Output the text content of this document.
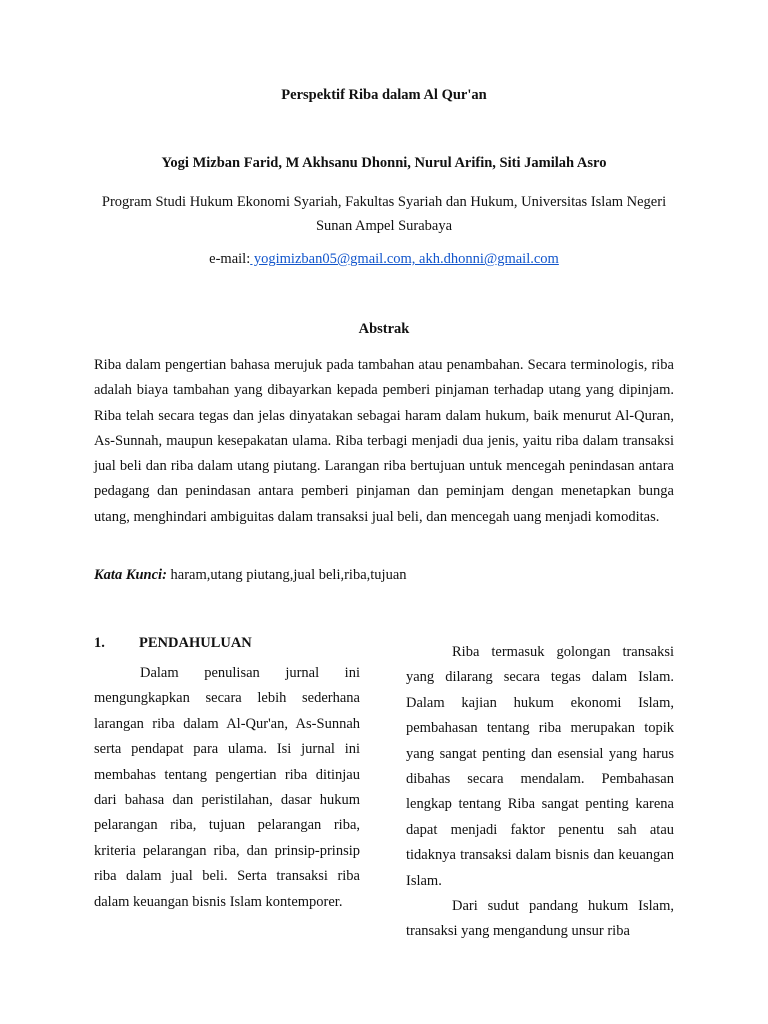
Perspektif Riba dalam Al Qur'an
Yogi Mizban Farid, M Akhsanu Dhonni, Nurul Arifin, Siti Jamilah Asro
Program Studi Hukum Ekonomi Syariah, Fakultas Syariah dan Hukum, Universitas Islam Negeri Sunan Ampel Surabaya
e-mail: yogimizban05@gmail.com, akh.dhonni@gmail.com
Abstrak

Riba dalam pengertian bahasa merujuk pada tambahan atau penambahan. Secara terminologis, riba adalah biaya tambahan yang dibayarkan kepada pemberi pinjaman terhadap utang yang dipinjam. Riba telah secara tegas dan jelas dinyatakan sebagai haram dalam hukum, baik menurut Al-Quran, As-Sunnah, maupun kesepakatan ulama. Riba terbagi menjadi dua jenis, yaitu riba dalam transaksi jual beli dan riba dalam utang piutang. Larangan riba bertujuan untuk mencegah penindasan antara pedagang dan penindasan antara pemberi pinjaman dan peminjam dengan menetapkan bunga utang, menghindari ambiguitas dalam transaksi jual beli, dan mencegah uang menjadi komoditas.

Kata Kunci: haram,utang piutang,jual beli,riba,tujuan
1.	PENDAHULUAN

Dalam penulisan jurnal ini mengungkapkan secara lebih sederhana larangan riba dalam Al-Qur'an, As-Sunnah serta pendapat para ulama. Isi jurnal ini membahas tentang pengertian riba ditinjau dari bahasa dan peristilahan, dasar hukum pelarangan riba, tujuan pelarangan riba, kriteria pelarangan riba, dan prinsip-prinsip riba dalam jual beli. Serta transaksi riba dalam keuangan bisnis Islam kontemporer.

Riba termasuk golongan transaksi yang dilarang secara tegas dalam Islam. Dalam kajian hukum ekonomi Islam, pembahasan tentang riba merupakan topik yang sangat penting dan esensial yang harus dibahas secara mendalam. Pembahasan lengkap tentang Riba sangat penting karena dapat menjadi faktor penentu sah atau tidaknya transaksi dalam bisnis dan keuangan Islam.

Dari sudut pandang hukum Islam, transaksi yang mengandung unsur riba
